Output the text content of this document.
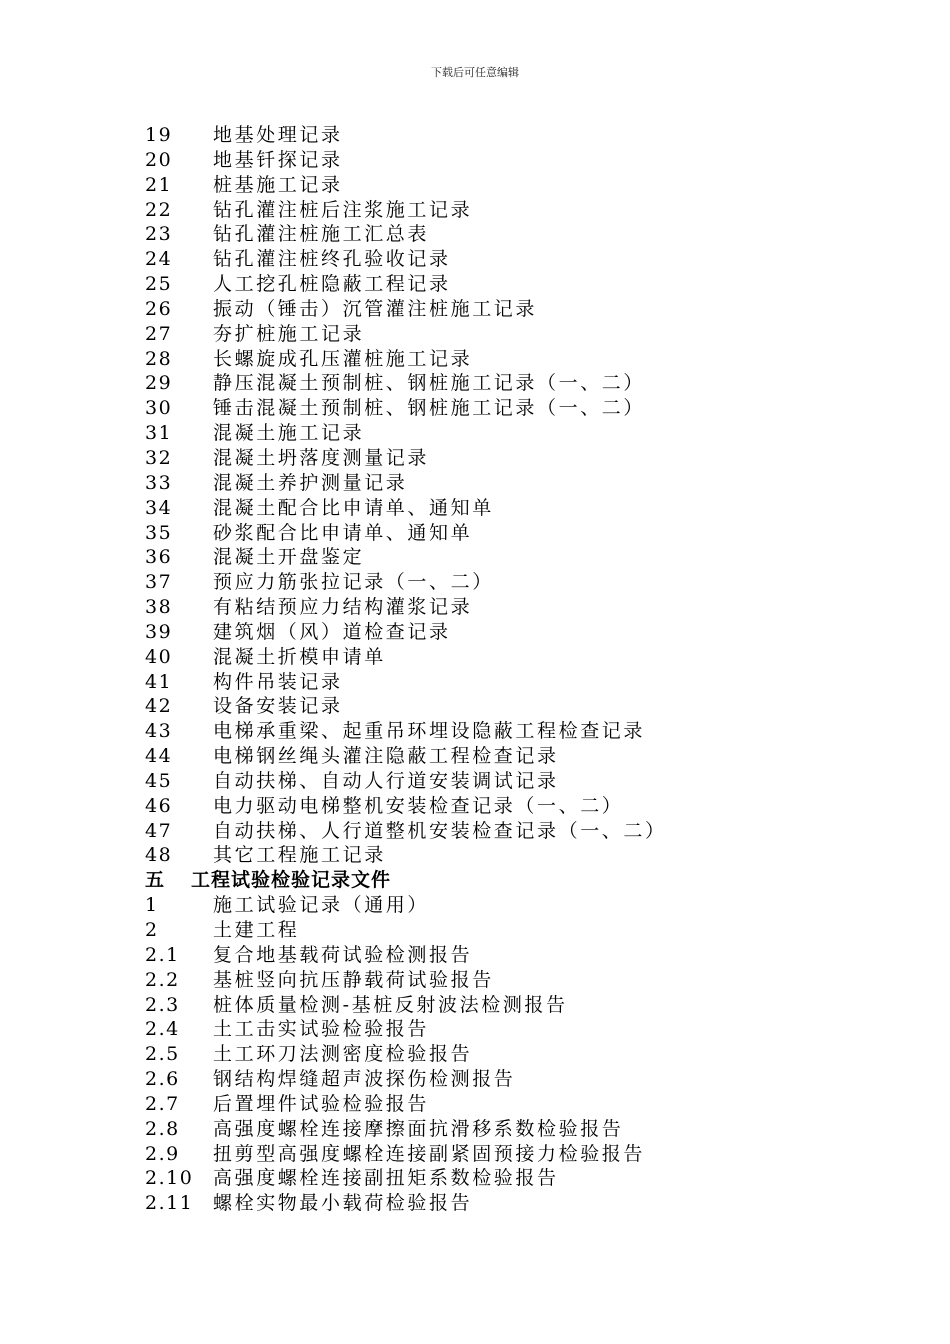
下载后可任意编辑
19 地基处理记录
20 地基钎探记录
21 桩基施工记录
22 钻孔灌注桩后注浆施工记录
23 钻孔灌注桩施工汇总表
24 钻孔灌注桩终孔验收记录
25 人工挖孔桩隐蔽工程记录
26 振动（锤击）沉管灌注桩施工记录
27 夯扩桩施工记录
28 长螺旋成孔压灌桩施工记录
29 静压混凝土预制桩、钢桩施工记录（一、二）
30 锤击混凝土预制桩、钢桩施工记录（一、二）
31 混凝土施工记录
32 混凝土坍落度测量记录
33 混凝土养护测量记录
34 混凝土配合比申请单、通知单
35 砂浆配合比申请单、通知单
36 混凝土开盘鉴定
37 预应力筋张拉记录（一、二）
38 有粘结预应力结构灌浆记录
39 建筑烟（风）道检查记录
40 混凝土折模申请单
41 构件吊装记录
42 设备安装记录
43 电梯承重梁、起重吊环埋设隐蔽工程检查记录
44 电梯钢丝绳头灌注隐蔽工程检查记录
45 自动扶梯、自动人行道安装调试记录
46 电力驱动电梯整机安装检查记录（一、二）
47 自动扶梯、人行道整机安装检查记录（一、二）
48 其它工程施工记录
五 工程试验检验记录文件
1	施工试验记录（通用）
2	土建工程
2.1 复合地基载荷试验检测报告
2.2 基桩竖向抗压静载荷试验报告
2.3 桩体质量检测-基桩反射波法检测报告
2.4 土工击实试验检验报告
2.5 土工环刀法测密度检验报告
2.6 钢结构焊缝超声波探伤检测报告
2.7 后置埋件试验检验报告
2.8 高强度螺栓连接摩擦面抗滑移系数检验报告
2.9 扭剪型高强度螺栓连接副紧固预接力检验报告
2.10 高强度螺栓连接副扭矩系数检验报告
2.11 螺栓实物最小载荷检验报告
